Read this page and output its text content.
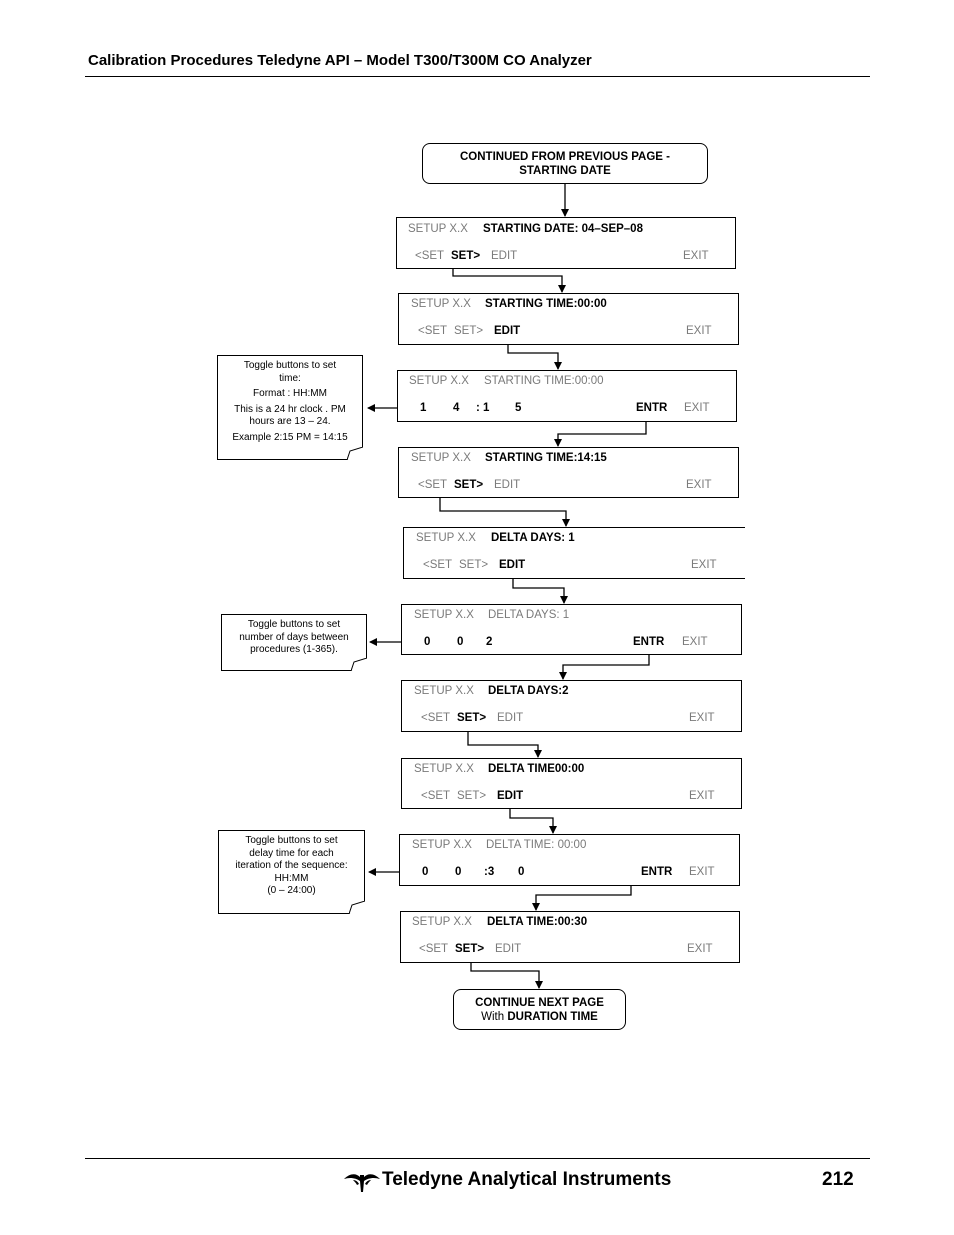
Calibration Procedures Teledyne API – Model T300/T300M CO Analyzer
CONTINUED FROM PREVIOUS PAGE -
STARTING DATE
SETUP X.X STARTING DATE: 04–SEP–08
<SET SET> EDIT	EXIT
SETUP X.X STARTING TIME:00:00
<SET SET> EDIT	EXIT
SETUP X.X STARTING TIME:00:00
1 4 : 1 5	ENTR EXIT
SETUP X.X STARTING TIME:14:15
<SET SET> EDIT	EXIT
SETUP X.X DELTA DAYS: 1
<SET SET> EDIT	EXIT
SETUP X.X DELTA DAYS: 1
0 0 2	ENTR EXIT
SETUP X.X DELTA DAYS:2
<SET SET> EDIT	EXIT
SETUP X.X DELTA TIME00:00
<SET SET> EDIT	EXIT
SETUP X.X DELTA TIME: 00:00
0 0 :3 0	ENTR EXIT
SETUP X.X DELTA TIME:00:30
<SET SET> EDIT	EXIT
CONTINUE NEXT PAGE
With DURATION TIME
Toggle buttons to set
time:
Format : HH:MM
This is a 24 hr clock . PM
hours are 13 – 24.
Example 2:15 PM = 14:15
Toggle buttons to set
number of days between
procedures (1-365).
Toggle buttons to set
delay time for each
iteration of the sequence:
HH:MM
(0 – 24:00)
Teledyne Analytical Instruments	212
